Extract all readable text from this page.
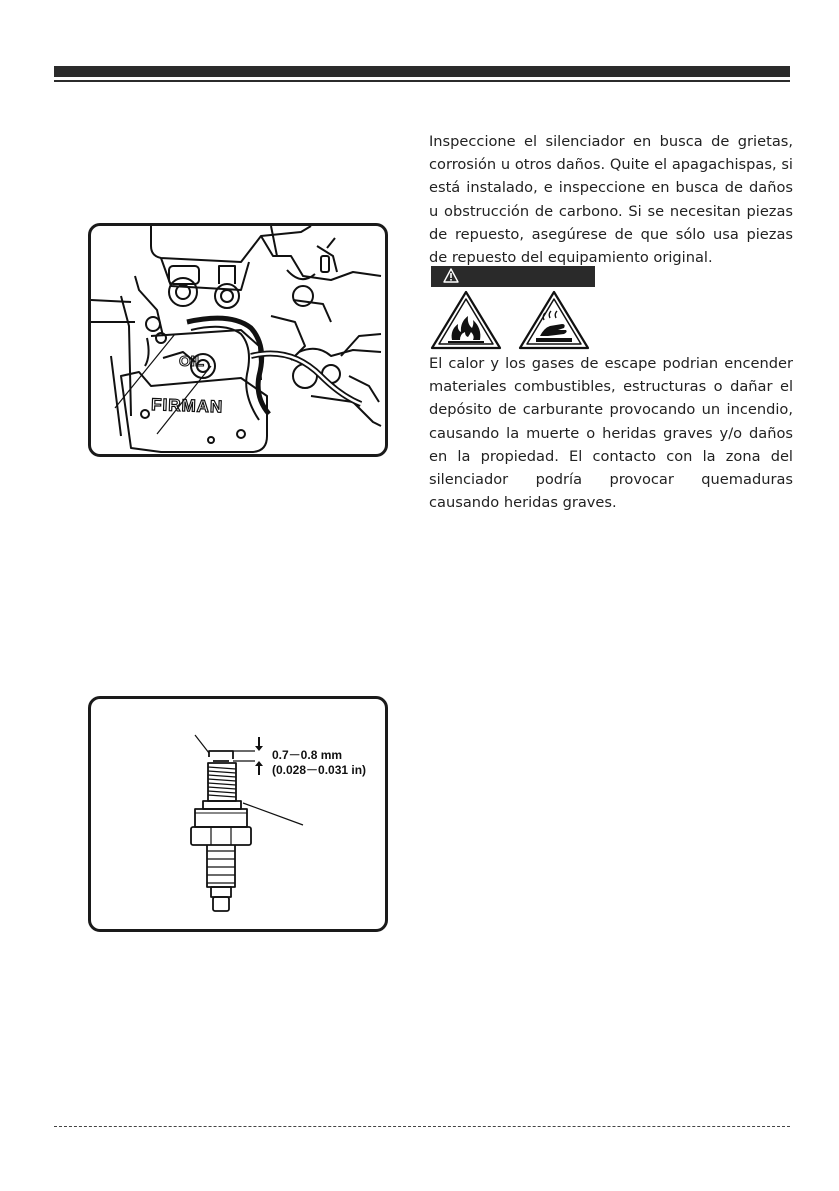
OIL
FIRMAN
0.7－0.8 mm
(0.028－0.031 in)

Inspeccione el silenciador en busca de grietas, corrosión u otros daños. Quite el apagachispas, si está instalado, e inspeccione en busca de daños u obstrucción de carbono. Si se necesitan piezas de repuesto, asegúrese de que sólo usa piezas de repuesto del equipamiento original.

El calor y los gases de escape podrian encender materiales combustibles, estructuras o dañar el depósito de carburante provocando un incendio, causando la muerte o heridas graves y/o daños en la propiedad. El contacto con la zona del silenciador podría provocar quemaduras causando heridas graves.
